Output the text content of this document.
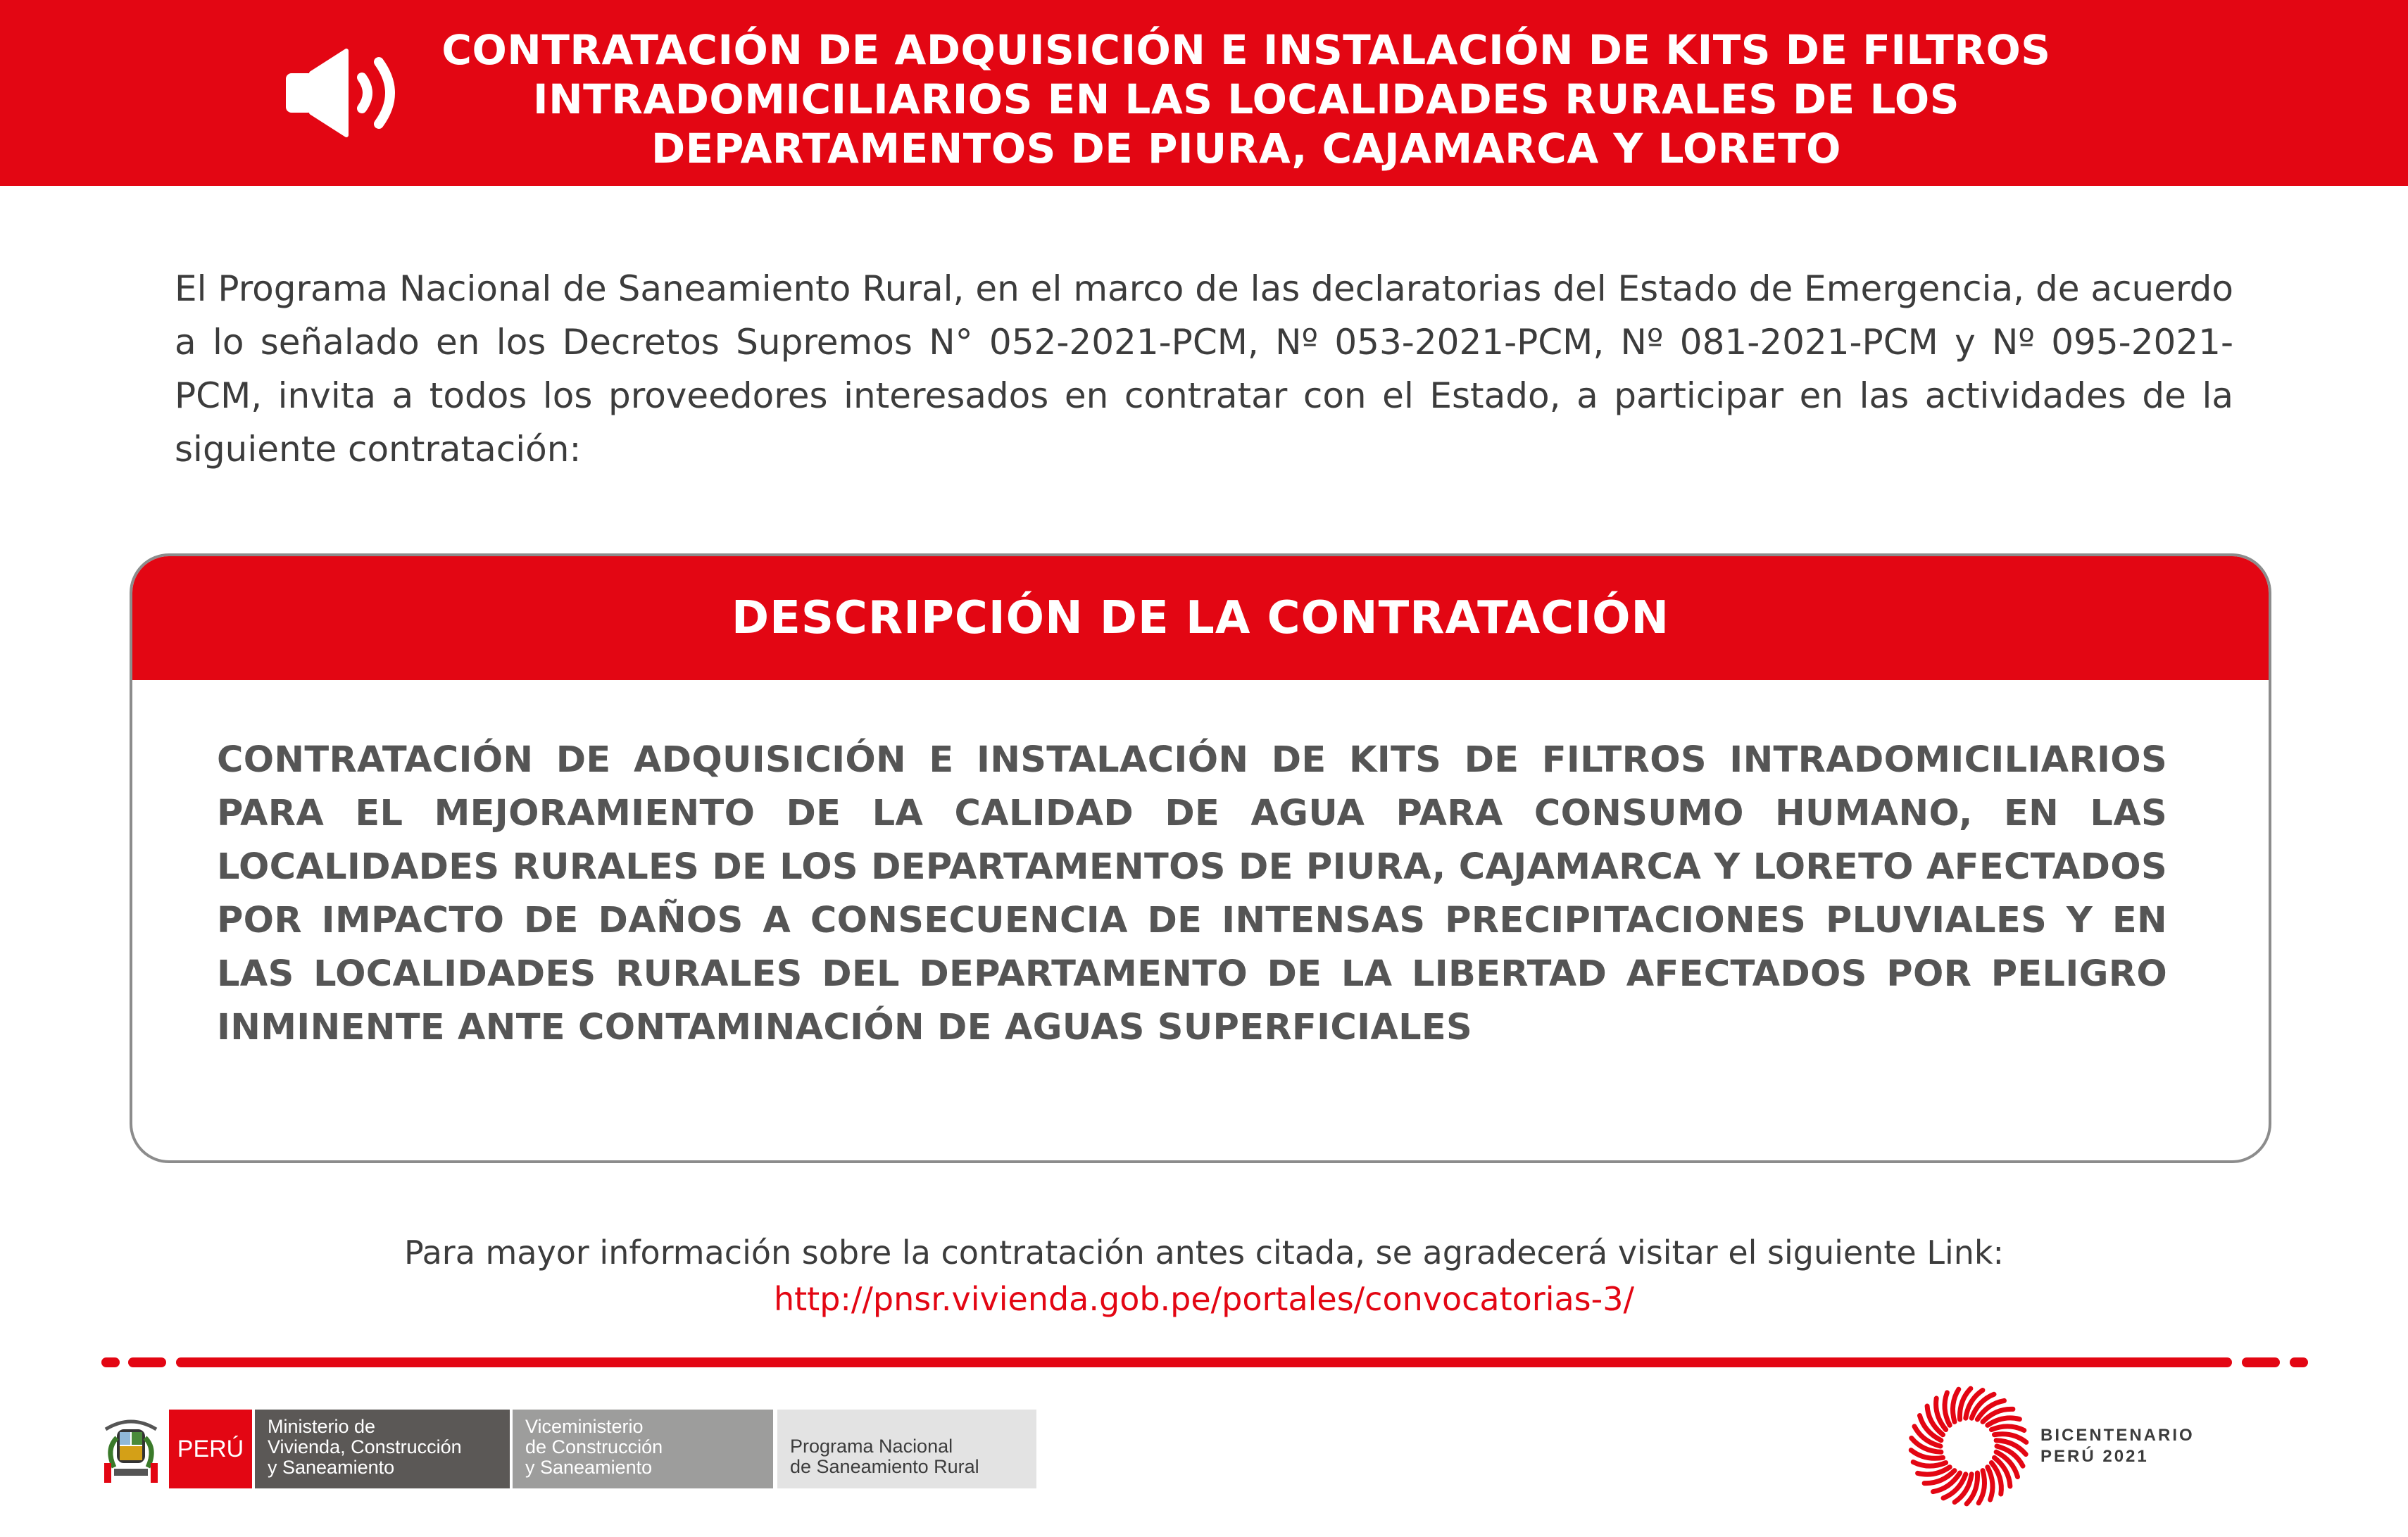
CONTRATACIÓN DE ADQUISICIÓN E INSTALACIÓN DE KITS DE FILTROS
INTRADOMICILIARIOS EN LAS LOCALIDADES RURALES DE LOS
DEPARTAMENTOS DE PIURA, CAJAMARCA Y LORETO
El Programa Nacional de Saneamiento Rural, en el marco de las declaratorias del Estado de Emergencia, de acuerdo a lo señalado en los Decretos Supremos N° 052-2021-PCM, Nº 053-2021-PCM, Nº 081-2021-PCM y Nº 095-2021-PCM, invita a todos los proveedores interesados en contratar con el Estado, a participar en las actividades de la siguiente contratación:
DESCRIPCIÓN DE LA CONTRATACIÓN
CONTRATACIÓN DE ADQUISICIÓN E INSTALACIÓN DE KITS DE FILTROS INTRADOMICILIARIOS PARA EL MEJORAMIENTO DE LA CALIDAD DE AGUA PARA CONSUMO HUMANO, EN LAS LOCALIDADES RURALES DE LOS DEPARTAMENTOS DE PIURA, CAJAMARCA Y LORETO AFECTADOS POR IMPACTO DE DAÑOS A CONSECUENCIA DE INTENSAS PRECIPITACIONES PLUVIALES Y EN LAS LOCALIDADES RURALES DEL DEPARTAMENTO DE LA LIBERTAD AFECTADOS POR PELIGRO INMINENTE ANTE CONTAMINACIÓN DE AGUAS SUPERFICIALES
Para mayor información sobre la contratación antes citada, se agradecerá visitar el siguiente Link:
http://pnsr.vivienda.gob.pe/portales/convocatorias-3/
PERÚ
Ministerio de
Vivienda, Construcción
y Saneamiento
Viceministerio
de Construcción
y Saneamiento
Programa Nacional
de Saneamiento Rural
BICENTENARIO
PERÚ 2021
